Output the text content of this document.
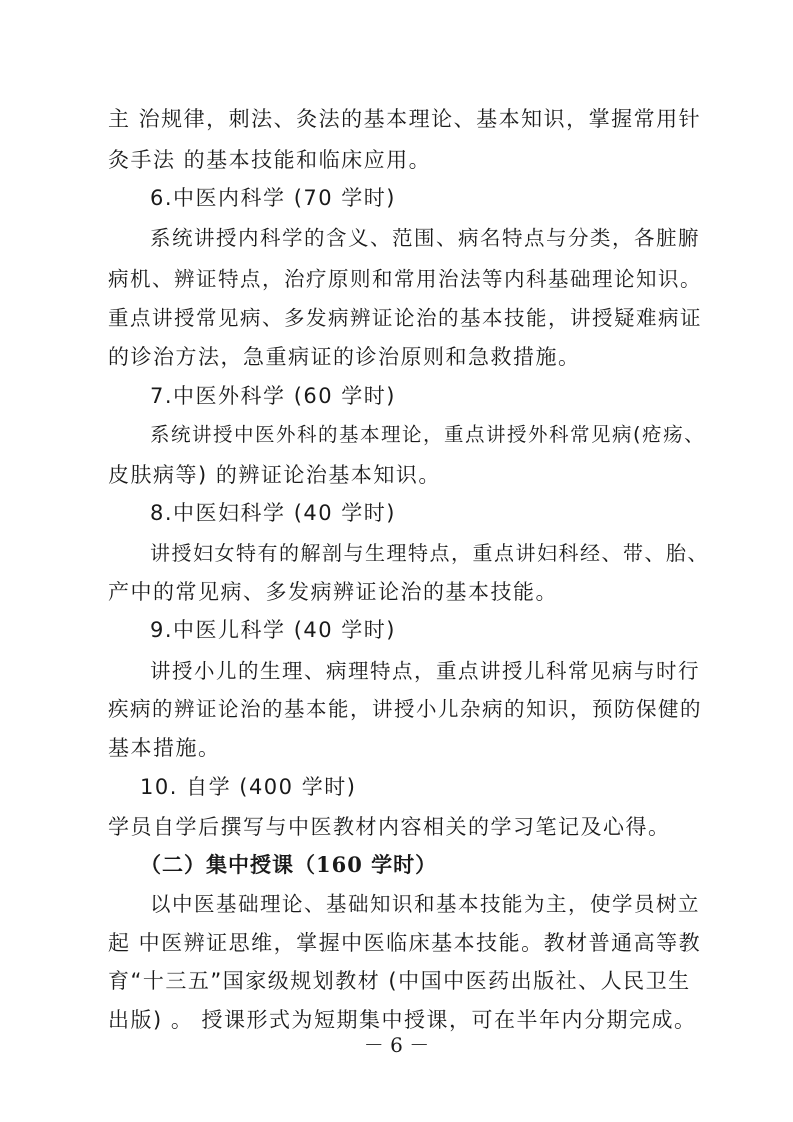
主 治规律，刺法、灸法的基本理论、基本知识，掌握常用针
灸手法 的基本技能和临床应用。
6.中医内科学 (70 学时)
系统讲授内科学的含义、范围、病名特点与分类，各脏腑
病机、辨证特点，治疗原则和常用治法等内科基础理论知识。
重点讲授常见病、多发病辨证论治的基本技能，讲授疑难病证
的诊治方法，急重病证的诊治原则和急救措施。
7.中医外科学 (60 学时)
系统讲授中医外科的基本理论，重点讲授外科常见病(疮疡、
皮肤病等) 的辨证论治基本知识。
8.中医妇科学 (40 学时)
讲授妇女特有的解剖与生理特点，重点讲妇科经、带、胎、
产中的常见病、多发病辨证论治的基本技能。
9.中医儿科学 (40 学时)
讲授小儿的生理、病理特点，重点讲授儿科常见病与时行
疾病的辨证论治的基本能，讲授小儿杂病的知识，预防保健的
基本措施。
10. 自学 (400 学时)
学员自学后撰写与中医教材内容相关的学习笔记及心得。
（二）集中授课（160 学时）
以中医基础理论、基础知识和基本技能为主，使学员树立
起 中医辨证思维，掌握中医临床基本技能。教材普通高等教
育“十三五”国家级规划教材 (中国中医药出版社、人民卫生
出版) 。 授课形式为短期集中授课，可在半年内分期完成。
－ 6 －
